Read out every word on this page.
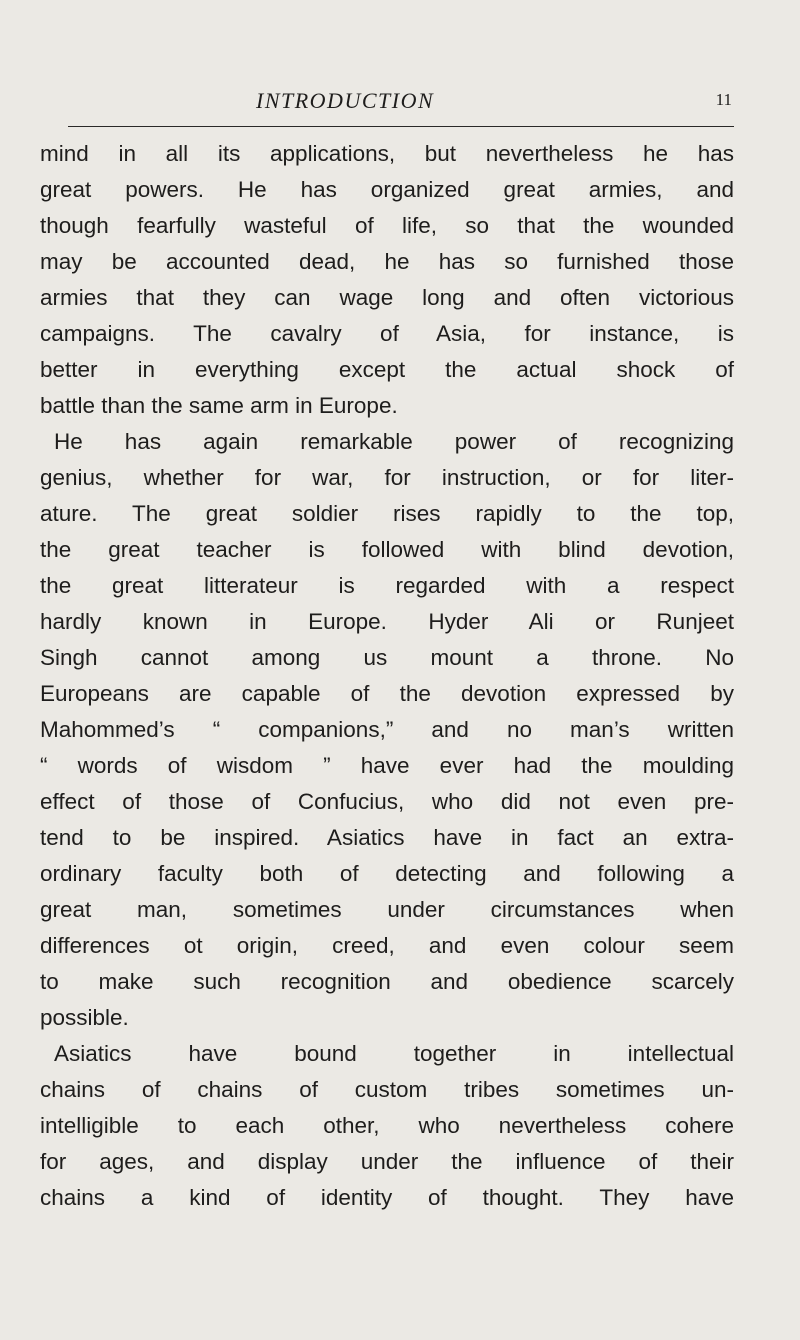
INTRODUCTION	11

mind in all its applications, but nevertheless he has
great powers. He has organized great armies, and
though fearfully wasteful of life, so that the wounded
may be accounted dead, he has so furnished those
armies that they can wage long and often victorious
campaigns. The cavalry of Asia, for instance, is
better in everything except the actual shock of
battle than the same arm in Europe.

He has again remarkable power of recognizing
genius, whether for war, for instruction, or for liter-
ature. The great soldier rises rapidly to the top,
the great teacher is followed with blind devotion,
the great litterateur is regarded with a respect
hardly known in Europe. Hyder Ali or Runjeet
Singh cannot among us mount a throne. No
Europeans are capable of the devotion expressed by
Mahommed’s “ companions,” and no man’s written
“ words of wisdom ” have ever had the moulding
effect of those of Confucius, who did not even pre-
tend to be inspired. Asiatics have in fact an extra-
ordinary faculty both of detecting and following a
great man, sometimes under circumstances when
differences ot origin, creed, and even colour seem
to make such recognition and obedience scarcely
possible.

Asiatics have bound together in intellectual
chains of chains of custom tribes sometimes un-
intelligible to each other, who nevertheless cohere
for ages, and display under the influence of their
chains a kind of identity of thought. They have
